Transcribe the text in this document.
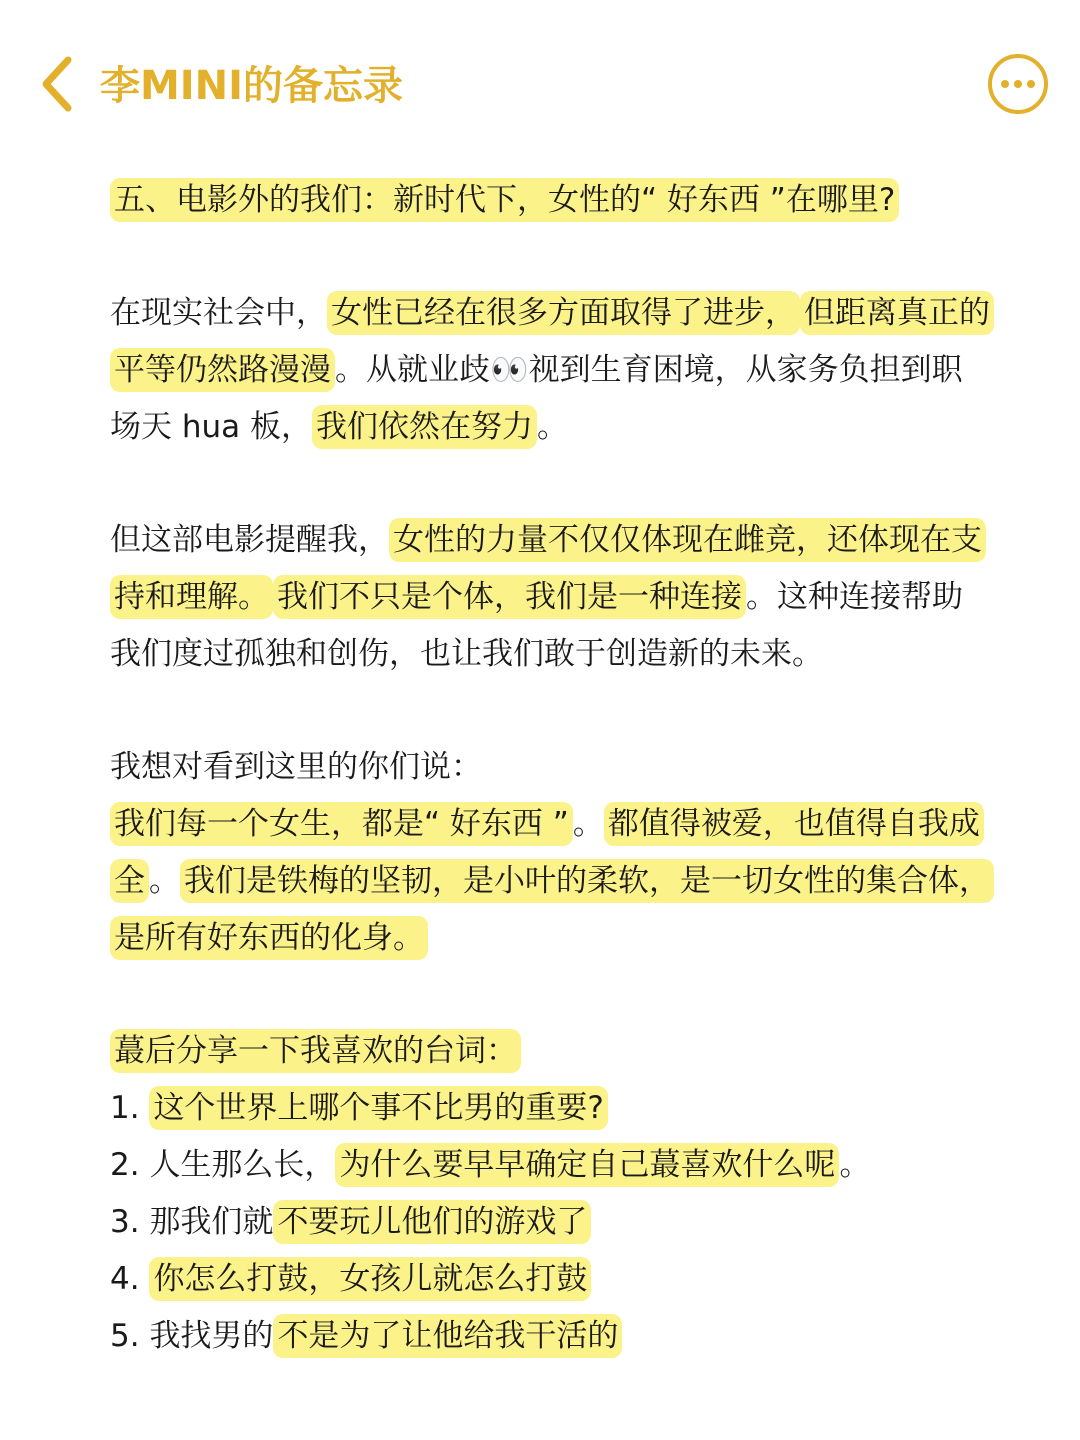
李MINI的备忘录

五、电影外的我们：新时代下，女性的“ 好东西 ”在哪里?

在现实社会中， 女性已经在很多方面取得了进步， 但距离真正的平等仍然路漫漫 。从就业歧👀视到生育困境，从家务负担到职场天 hua 板， 我们依然在努力 。

但这部电影提醒我， 女性的力量不仅仅体现在雌竞，还体现在支持和理解。 我们不只是个体，我们是一种连接 。这种连接帮助我们度过孤独和创伤，也让我们敢于创造新的未来。

我想对看到这里的你们说：
我们每一个女生，都是“ 好东西 ” 。 都值得被爱，也值得自我成全 。 我们是铁梅的坚韧，是小叶的柔软，是一切女性的集合体，是所有好东西的化身。

蕞后分享一下我喜欢的台词：

1. 这个世界上哪个事不比男的重要?
2. 人生那么长， 为什么要早早确定自己蕞喜欢什么呢 。
3. 那我们就 不要玩儿他们的游戏了
4. 你怎么打鼓，女孩儿就怎么打鼓
5. 我找男的 不是为了让他给我干活的
